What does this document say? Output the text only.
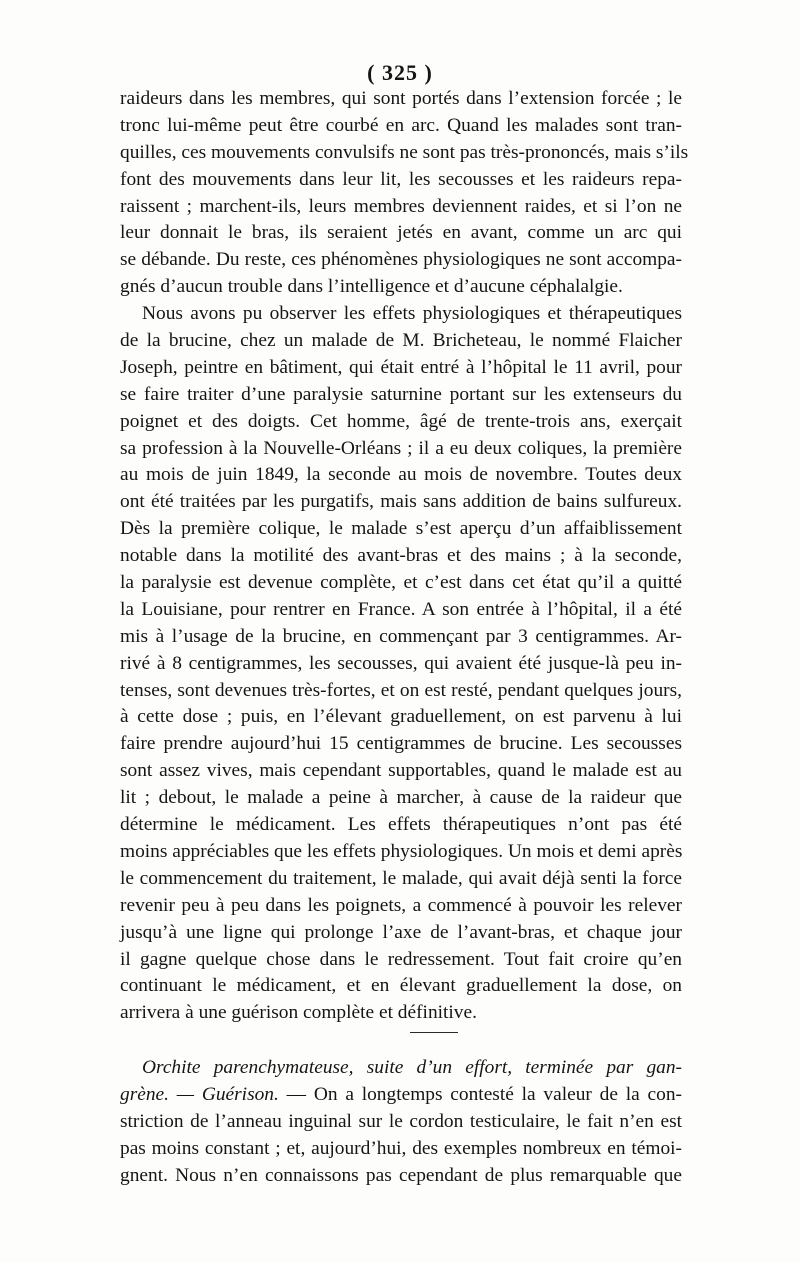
( 325 )
raideurs dans les membres, qui sont portés dans l’extension forcée ; le
tronc lui-même peut être courbé en arc. Quand les malades sont tran-
quilles, ces mouvements convulsifs ne sont pas très-prononcés, mais s’ils
font des mouvements dans leur lit, les secousses et les raideurs repa-
raissent ; marchent-ils, leurs membres deviennent raides, et si l’on ne
leur donnait le bras, ils seraient jetés en avant, comme un arc qui
se débande. Du reste, ces phénomènes physiologiques ne sont accompa-
gnés d’aucun trouble dans l’intelligence et d’aucune céphalalgie.
Nous avons pu observer les effets physiologiques et thérapeutiques
de la brucine, chez un malade de M. Bricheteau, le nommé Flaicher
Joseph, peintre en bâtiment, qui était entré à l’hôpital le 11 avril, pour
se faire traiter d’une paralysie saturnine portant sur les extenseurs du
poignet et des doigts. Cet homme, âgé de trente-trois ans, exerçait
sa profession à la Nouvelle-Orléans ; il a eu deux coliques, la première
au mois de juin 1849, la seconde au mois de novembre. Toutes deux
ont été traitées par les purgatifs, mais sans addition de bains sulfureux.
Dès la première colique, le malade s’est aperçu d’un affaiblissement
notable dans la motilité des avant-bras et des mains ; à la seconde,
la paralysie est devenue complète, et c’est dans cet état qu’il a quitté
la Louisiane, pour rentrer en France. A son entrée à l’hôpital, il a été
mis à l’usage de la brucine, en commençant par 3 centigrammes. Ar-
rivé à 8 centigrammes, les secousses, qui avaient été jusque-là peu in-
tenses, sont devenues très-fortes, et on est resté, pendant quelques jours,
à cette dose ; puis, en l’élevant graduellement, on est parvenu à lui
faire prendre aujourd’hui 15 centigrammes de brucine. Les secousses
sont assez vives, mais cependant supportables, quand le malade est au
lit ; debout, le malade a peine à marcher, à cause de la raideur que
détermine le médicament. Les effets thérapeutiques n’ont pas été
moins appréciables que les effets physiologiques. Un mois et demi après
le commencement du traitement, le malade, qui avait déjà senti la force
revenir peu à peu dans les poignets, a commencé à pouvoir les relever
jusqu’à une ligne qui prolonge l’axe de l’avant-bras, et chaque jour
il gagne quelque chose dans le redressement. Tout fait croire qu’en
continuant le médicament, et en élevant graduellement la dose, on
arrivera à une guérison complète et définitive.
Orchite parenchymateuse, suite d’un effort, terminée par gan-
grène. — Guérison. — On a longtemps contesté la valeur de la con-
striction de l’anneau inguinal sur le cordon testiculaire, le fait n’en est
pas moins constant ; et, aujourd’hui, des exemples nombreux en témoi-
gnent. Nous n’en connaissons pas cependant de plus remarquable que
